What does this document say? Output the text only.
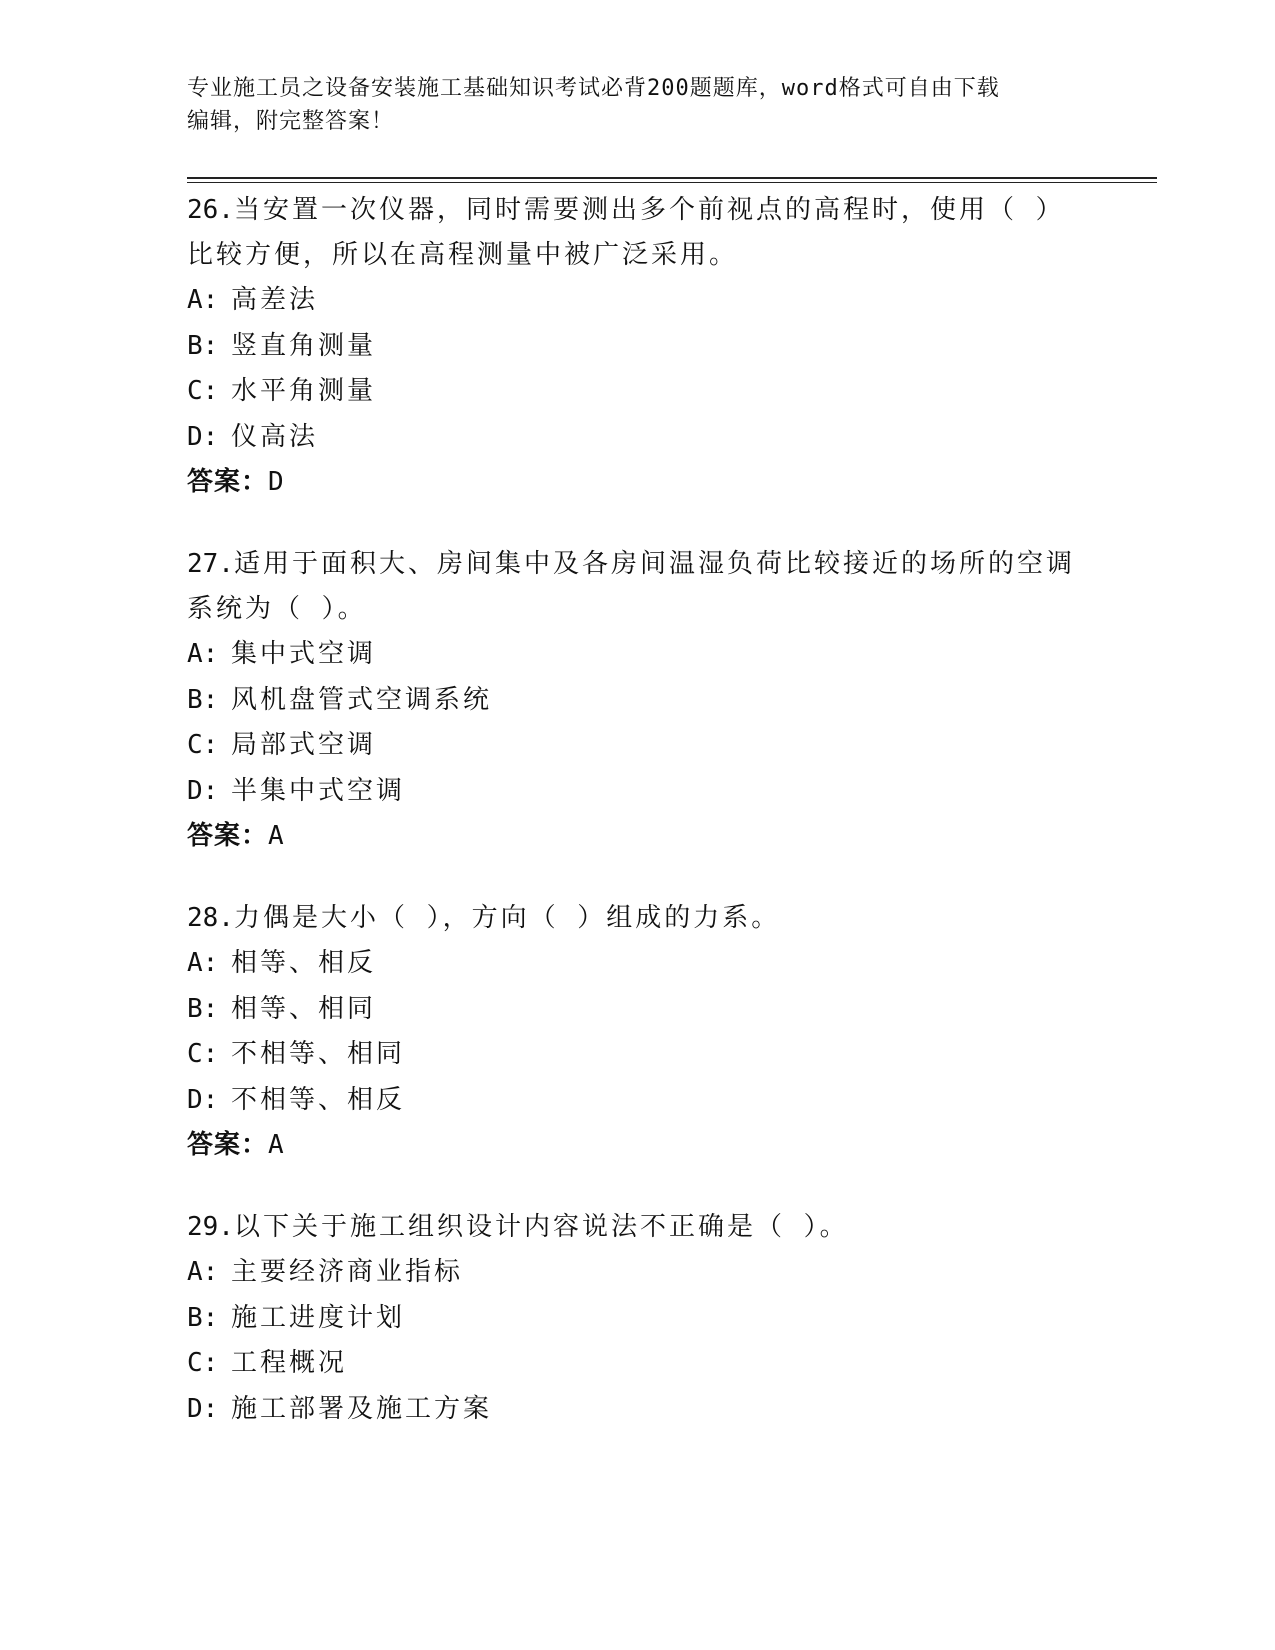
专业施工员之设备安装施工基础知识考试必背200题题库，word格式可自由下载
编辑，附完整答案！
26.当安置一次仪器，同时需要测出多个前视点的高程时，使用（ ）
比较方便，所以在高程测量中被广泛采用。
A: 高差法
B: 竖直角测量
C: 水平角测量
D: 仪高法
答案：D
27.适用于面积大、房间集中及各房间温湿负荷比较接近的场所的空调
系统为（ ）。
A: 集中式空调
B: 风机盘管式空调系统
C: 局部式空调
D: 半集中式空调
答案：A
28.力偶是大小（ ），方向（ ）组成的力系。
A: 相等、相反
B: 相等、相同
C: 不相等、相同
D: 不相等、相反
答案：A
29.以下关于施工组织设计内容说法不正确是（ ）。
A: 主要经济商业指标
B: 施工进度计划
C: 工程概况
D: 施工部署及施工方案
